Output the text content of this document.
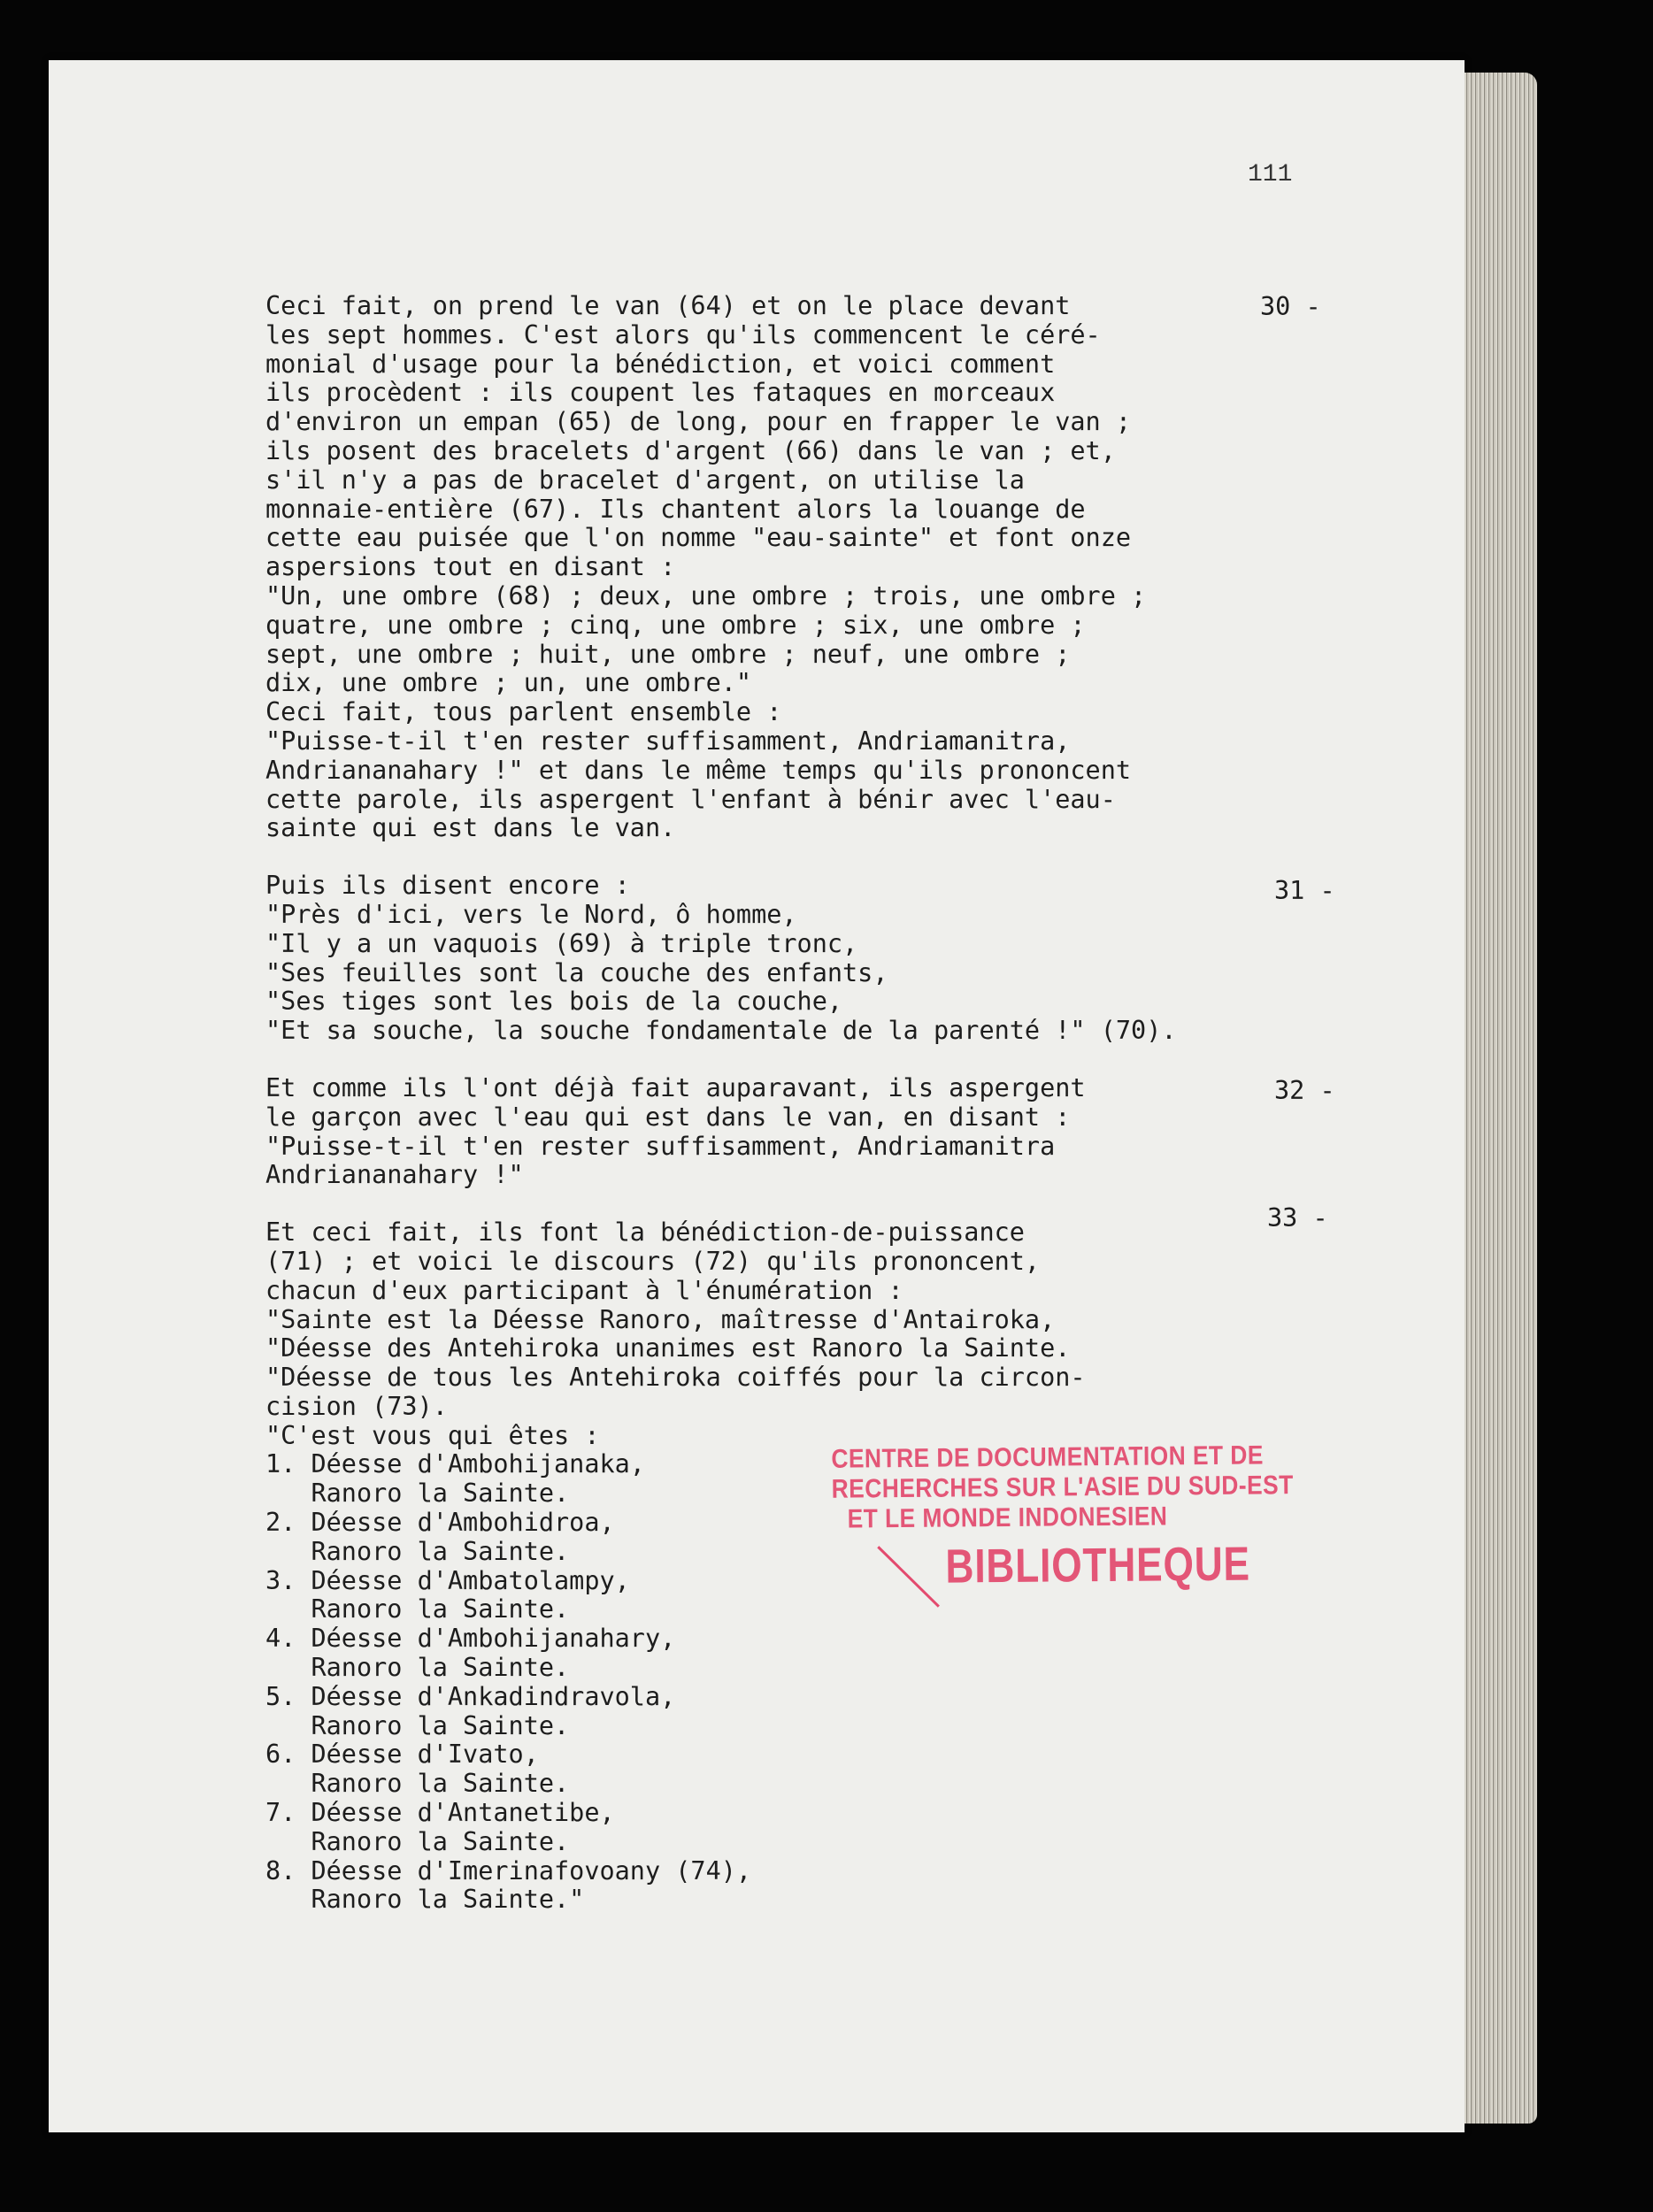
111
30 -
31 -
32 -
33 -
Ceci fait, on prend le van (64) et on le place devant
les sept hommes. C'est alors qu'ils commencent le céré-
monial d'usage pour la bénédiction, et voici comment
ils procèdent : ils coupent les fataques en morceaux
d'environ un empan (65) de long, pour en frapper le van ;
ils posent des bracelets d'argent (66) dans le van ; et,
s'il n'y a pas de bracelet d'argent, on utilise la
monnaie-entière (67). Ils chantent alors la louange de
cette eau puisée que l'on nomme "eau-sainte" et font onze
aspersions tout en disant :
"Un, une ombre (68) ; deux, une ombre ; trois, une ombre ;
quatre, une ombre ; cinq, une ombre ; six, une ombre ;
sept, une ombre ; huit, une ombre ; neuf, une ombre ;
dix, une ombre ; un, une ombre."
Ceci fait, tous parlent ensemble :
"Puisse-t-il t'en rester suffisamment, Andriamanitra,
Andriananahary !" et dans le même temps qu'ils prononcent
cette parole, ils aspergent l'enfant à bénir avec l'eau-
sainte qui est dans le van.
Puis ils disent encore :
"Près d'ici, vers le Nord, ô homme,
"Il y a un vaquois (69) à triple tronc,
"Ses feuilles sont la couche des enfants,
"Ses tiges sont les bois de la couche,
"Et sa souche, la souche fondamentale de la parenté !" (70).
Et comme ils l'ont déjà fait auparavant, ils aspergent
le garçon avec l'eau qui est dans le van, en disant :
"Puisse-t-il t'en rester suffisamment, Andriamanitra
Andriananahary !"
Et ceci fait, ils font la bénédiction-de-puissance
(71) ; et voici le discours (72) qu'ils prononcent,
chacun d'eux participant à l'énumération :
"Sainte est la Déesse Ranoro, maîtresse d'Antairoka,
"Déesse des Antehiroka unanimes est Ranoro la Sainte.
"Déesse de tous les Antehiroka coiffés pour la circon-
cision (73).
"C'est vous qui êtes :
1. Déesse d'Ambohijanaka,
Ranoro la Sainte.
2. Déesse d'Ambohidroa,
Ranoro la Sainte.
3. Déesse d'Ambatolampy,
Ranoro la Sainte.
4. Déesse d'Ambohijanahary,
Ranoro la Sainte.
5. Déesse d'Ankadindravola,
Ranoro la Sainte.
6. Déesse d'Ivato,
Ranoro la Sainte.
7. Déesse d'Antanetibe,
Ranoro la Sainte.
8. Déesse d'Imerinafovoany (74),
Ranoro la Sainte."
CENTRE DE DOCUMENTATION ET DE
RECHERCHES SUR L'ASIE DU SUD-EST
ET LE MONDE INDONESIEN
BIBLIOTHEQUE
